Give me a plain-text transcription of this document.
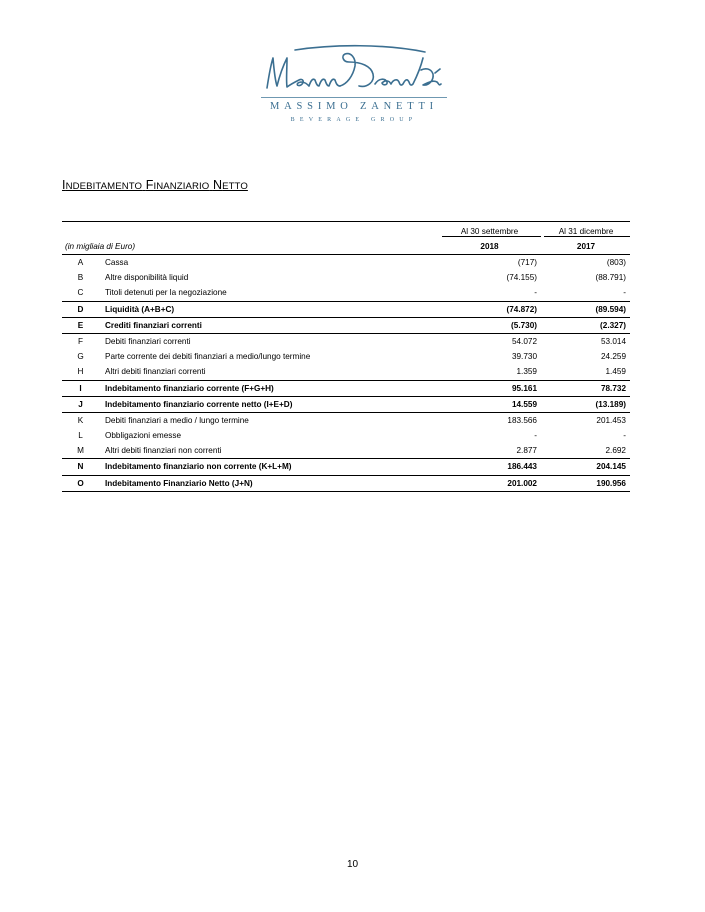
MASSIMO ZANETTI
BEVERAGE GROUP
INDEBITAMENTO FINANZIARIO NETTO
(in migliaia di Euro)
Al 30 settembre	Al 31 dicembre
2018	2017
A	Cassa	(717)	(803)
B	Altre disponibilità liquid	(74.155)	(88.791)
C	Titoli detenuti per la negoziazione	-	-
D	Liquidità (A+B+C)	(74.872)	(89.594)
E	Crediti finanziari correnti	(5.730)	(2.327)
F	Debiti finanziari correnti	54.072	53.014
G	Parte corrente dei debiti finanziari a medio/lungo termine	39.730	24.259
H	Altri debiti finanziari correnti	1.359	1.459
I	Indebitamento finanziario corrente (F+G+H)	95.161	78.732
J	Indebitamento finanziario corrente netto (I+E+D)	14.559	(13.189)
K	Debiti finanziari a medio / lungo termine	183.566	201.453
L	Obbligazioni emesse	-	-
M	Altri debiti finanziari non correnti	2.877	2.692
N	Indebitamento finanziario non corrente (K+L+M)	186.443	204.145
O	Indebitamento Finanziario Netto (J+N)	201.002	190.956
10
